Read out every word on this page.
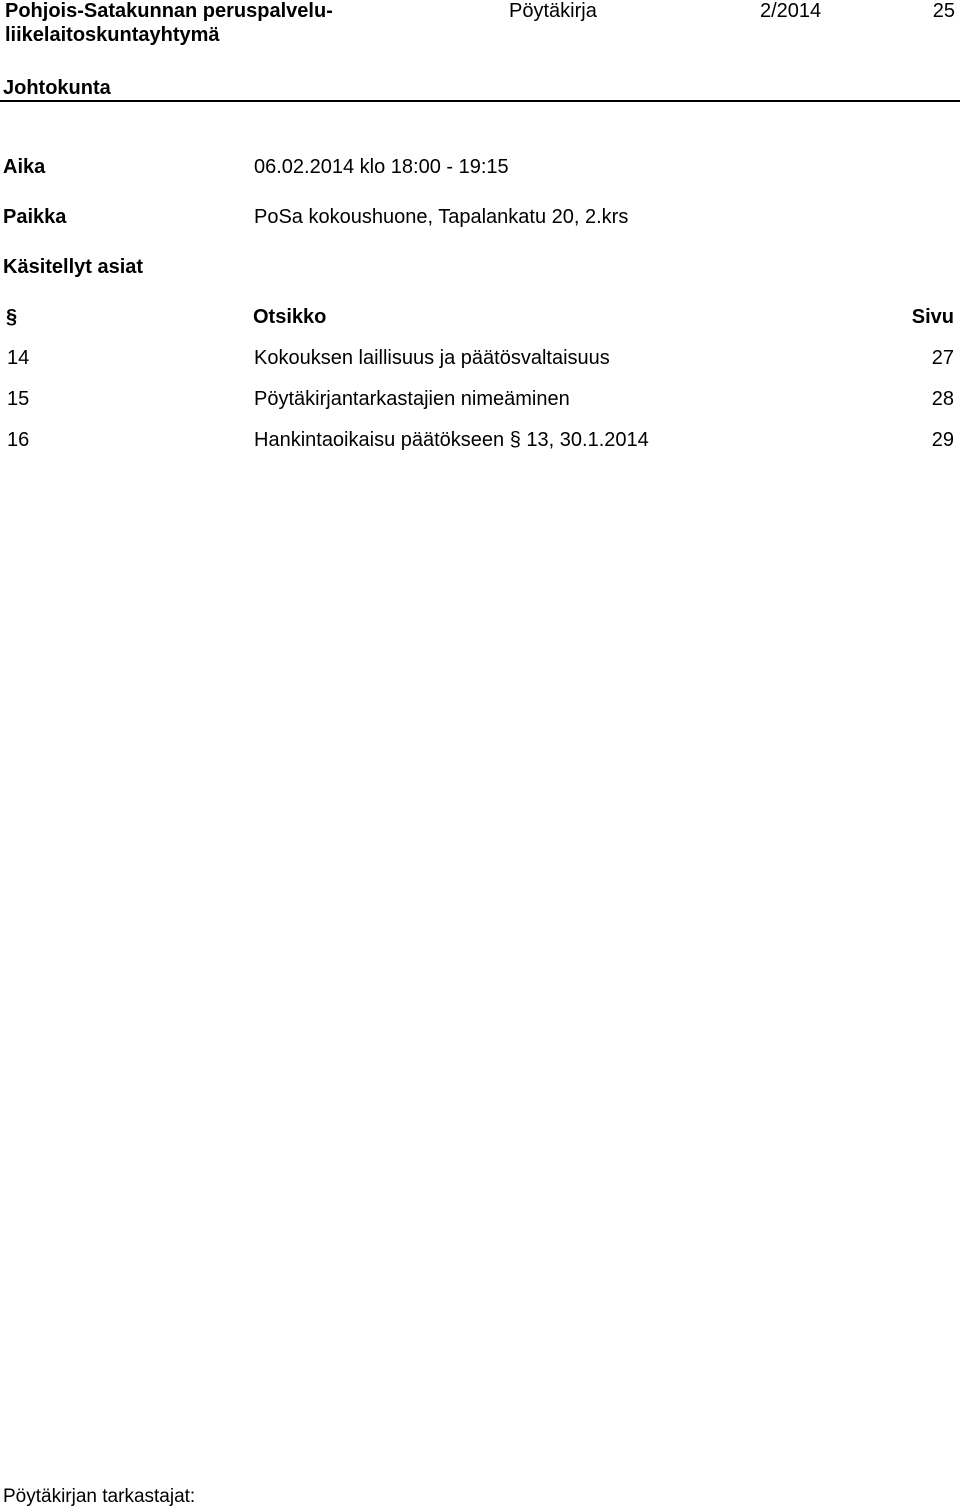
Pohjois-Satakunnan peruspalvelu-
liikelaitoskuntayhtymä
Pöytäkirja	2/2014	25
Johtokunta
Aika	06.02.2014 klo 18:00 - 19:15
Paikka	PoSa kokoushuone, Tapalankatu 20, 2.krs
Käsitellyt asiat
§	Otsikko	Sivu
14	Kokouksen laillisuus ja päätösvaltaisuus	27
15	Pöytäkirjantarkastajien nimeäminen	28
16	Hankintaoikaisu päätökseen § 13, 30.1.2014	29
Pöytäkirjan tarkastajat:
